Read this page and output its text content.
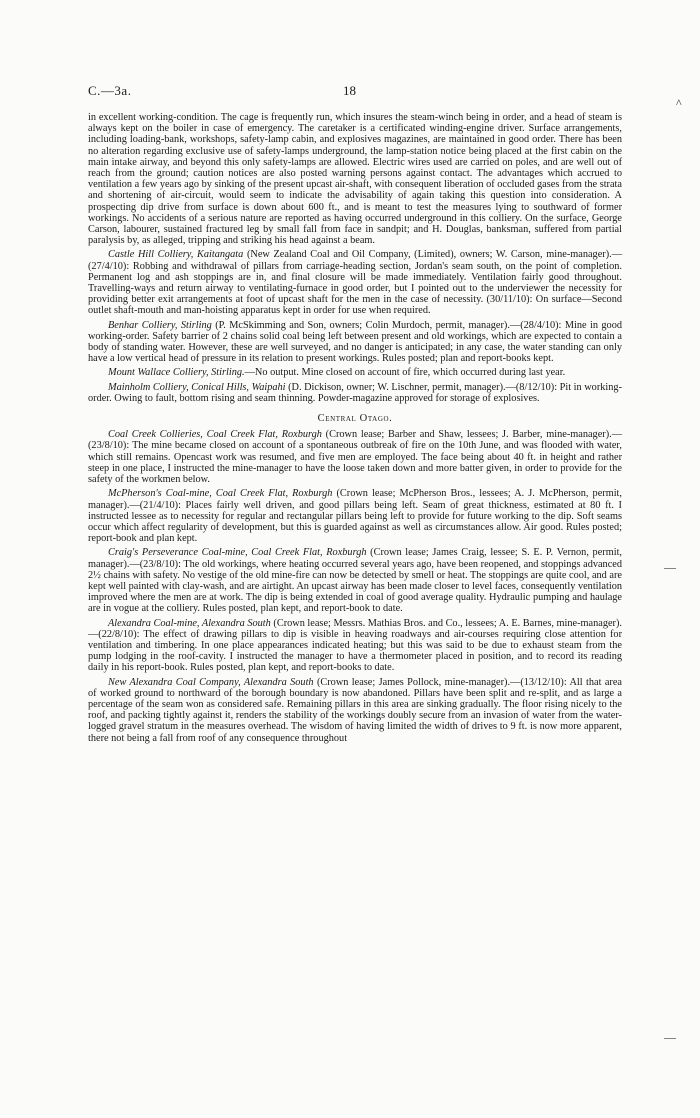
C.—3a.	18
^
—
—

in excellent working-condition. The cage is frequently run, which insures the steam-winch being in order, and a head of steam is always kept on the boiler in case of emergency. The caretaker is a certificated winding-engine driver. Surface arrangements, including loading-bank, workshops, safety-lamp cabin, and explosives magazines, are maintained in good order. There has been no alteration regarding exclusive use of safety-lamps underground, the lamp-station notice being placed at the first cabin on the main intake airway, and beyond this only safety-lamps are allowed. Electric wires used are carried on poles, and are well out of reach from the ground; caution notices are also posted warning persons against contact. The advantages which accrued to ventilation a few years ago by sinking of the present upcast air-shaft, with consequent liberation of occluded gases from the strata and shortening of air-circuit, would seem to indicate the advisability of again taking this question into consideration. A prospecting dip drive from surface is down about 600 ft., and is meant to test the measures lying to southward of former workings. No accidents of a serious nature are reported as having occurred underground in this colliery. On the surface, George Carson, labourer, sustained fractured leg by small fall from face in sandpit; and H. Douglas, banksman, suffered from partial paralysis by, as alleged, tripping and striking his head against a beam.

Castle Hill Colliery, Kaitangata (New Zealand Coal and Oil Company, (Limited), owners; W. Carson, mine-manager).—(27/4/10): Robbing and withdrawal of pillars from carriage-heading section, Jordan's seam south, on the point of completion. Permanent log and ash stoppings are in, and final closure will be made immediately. Ventilation fairly good throughout. Travelling-ways and return airway to ventilating-furnace in good order, but I pointed out to the underviewer the necessity for providing better exit arrangements at foot of upcast shaft for the men in the case of necessity. (30/11/10): On surface—Second outlet shaft-mouth and man-hoisting apparatus kept in order for use when required.

Benhar Colliery, Stirling (P. McSkimming and Son, owners; Colin Murdoch, permit, manager).—(28/4/10): Mine in good working-order. Safety barrier of 2 chains solid coal being left between present and old workings, which are expected to contain a body of standing water. However, these are well surveyed, and no danger is anticipated; in any case, the water standing can only have a low vertical head of pressure in its relation to present workings. Rules posted; plan and report-books kept.

Mount Wallace Colliery, Stirling.—No output. Mine closed on account of fire, which occurred during last year.

Mainholm Colliery, Conical Hills, Waipahi (D. Dickison, owner; W. Lischner, permit, manager).—(8/12/10): Pit in working-order. Owing to fault, bottom rising and seam thinning. Powder-magazine approved for storage of explosives.

Central Otago.

Coal Creek Collieries, Coal Creek Flat, Roxburgh (Crown lease; Barber and Shaw, lessees; J. Barber, mine-manager).—(23/8/10): The mine became closed on account of a spontaneous outbreak of fire on the 10th June, and was flooded with water, which still remains. Opencast work was resumed, and five men are employed. The face being about 40 ft. in height and rather steep in one place, I instructed the mine-manager to have the loose taken down and more batter given, in order to provide for the safety of the workmen below.

McPherson's Coal-mine, Coal Creek Flat, Roxburgh (Crown lease; McPherson Bros., lessees; A. J. McPherson, permit, manager).—(21/4/10): Places fairly well driven, and good pillars being left. Seam of great thickness, estimated at 80 ft. I instructed lessee as to necessity for regular and rectangular pillars being left to provide for future working to the dip. Soft seams occur which affect regularity of development, but this is guarded against as well as circumstances allow. Air good. Rules posted; report-book and plan kept.

Craig's Perseverance Coal-mine, Coal Creek Flat, Roxburgh (Crown lease; James Craig, lessee; S. E. P. Vernon, permit, manager).—(23/8/10): The old workings, where heating occurred several years ago, have been reopened, and stoppings advanced 2½ chains with safety. No vestige of the old mine-fire can now be detected by smell or heat. The stoppings are quite cool, and are kept well painted with clay-wash, and are airtight. An upcast airway has been made closer to level faces, consequently ventilation improved where the men are at work. The dip is being extended in coal of good average quality. Hydraulic pumping and haulage are in vogue at the colliery. Rules posted, plan kept, and report-book to date.

Alexandra Coal-mine, Alexandra South (Crown lease; Messrs. Mathias Bros. and Co., lessees; A. E. Barnes, mine-manager).—(22/8/10): The effect of drawing pillars to dip is visible in heaving roadways and air-courses requiring close attention for ventilation and timbering. In one place appearances indicated heating; but this was said to be due to exhaust steam from the pump lodging in the roof-cavity. I instructed the manager to have a thermometer placed in position, and to record its reading daily in his report-book. Rules posted, plan kept, and report-books to date.

New Alexandra Coal Company, Alexandra South (Crown lease; James Pollock, mine-manager).—(13/12/10): All that area of worked ground to northward of the borough boundary is now abandoned. Pillars have been split and re-split, and as large a percentage of the seam won as considered safe. Remaining pillars in this area are sinking gradually. The floor rising nicely to the roof, and packing tightly against it, renders the stability of the workings doubly secure from an invasion of water from the water-logged gravel stratum in the measures overhead. The wisdom of having limited the width of drives to 9 ft. is now more apparent, there not being a fall from roof of any consequence throughout
